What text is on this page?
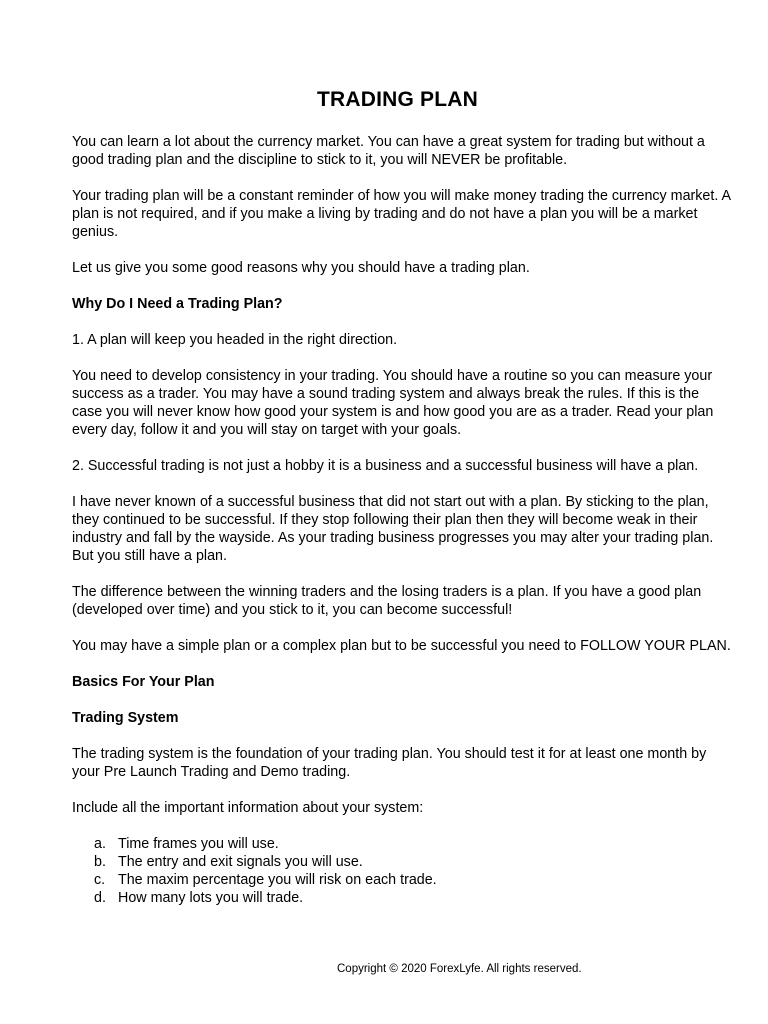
TRADING PLAN

You can learn a lot about the currency market. You can have a great system for trading but without a good trading plan and the discipline to stick to it, you will NEVER be profitable.

Your trading plan will be a constant reminder of how you will make money trading the currency market. A plan is not required, and if you make a living by trading and do not have a plan you will be a market genius.

Let us give you some good reasons why you should have a trading plan.

Why Do I Need a Trading Plan?

1. A plan will keep you headed in the right direction.

You need to develop consistency in your trading. You should have a routine so you can measure your success as a trader. You may have a sound trading system and always break the rules. If this is the case you will never know how good your system is and how good you are as a trader. Read your plan every day, follow it and you will stay on target with your goals.

2. Successful trading is not just a hobby it is a business and a successful business will have a plan.

I have never known of a successful business that did not start out with a plan. By sticking to the plan, they continued to be successful. If they stop following their plan then they will become weak in their industry and fall by the wayside. As your trading business progresses you may alter your trading plan. But you still have a plan.

The difference between the winning traders and the losing traders is a plan. If you have a good plan (developed over time) and you stick to it, you can become successful!

You may have a simple plan or a complex plan but to be successful you need to FOLLOW YOUR PLAN.

Basics For Your Plan

Trading System

The trading system is the foundation of your trading plan. You should test it for at least one month by your Pre Launch Trading and Demo trading.

Include all the important information about your system:

a. Time frames you will use.
b. The entry and exit signals you will use.
c. The maxim percentage you will risk on each trade.
d. How many lots you will trade.
Copyright © 2020 ForexLyfe. All rights reserved.
